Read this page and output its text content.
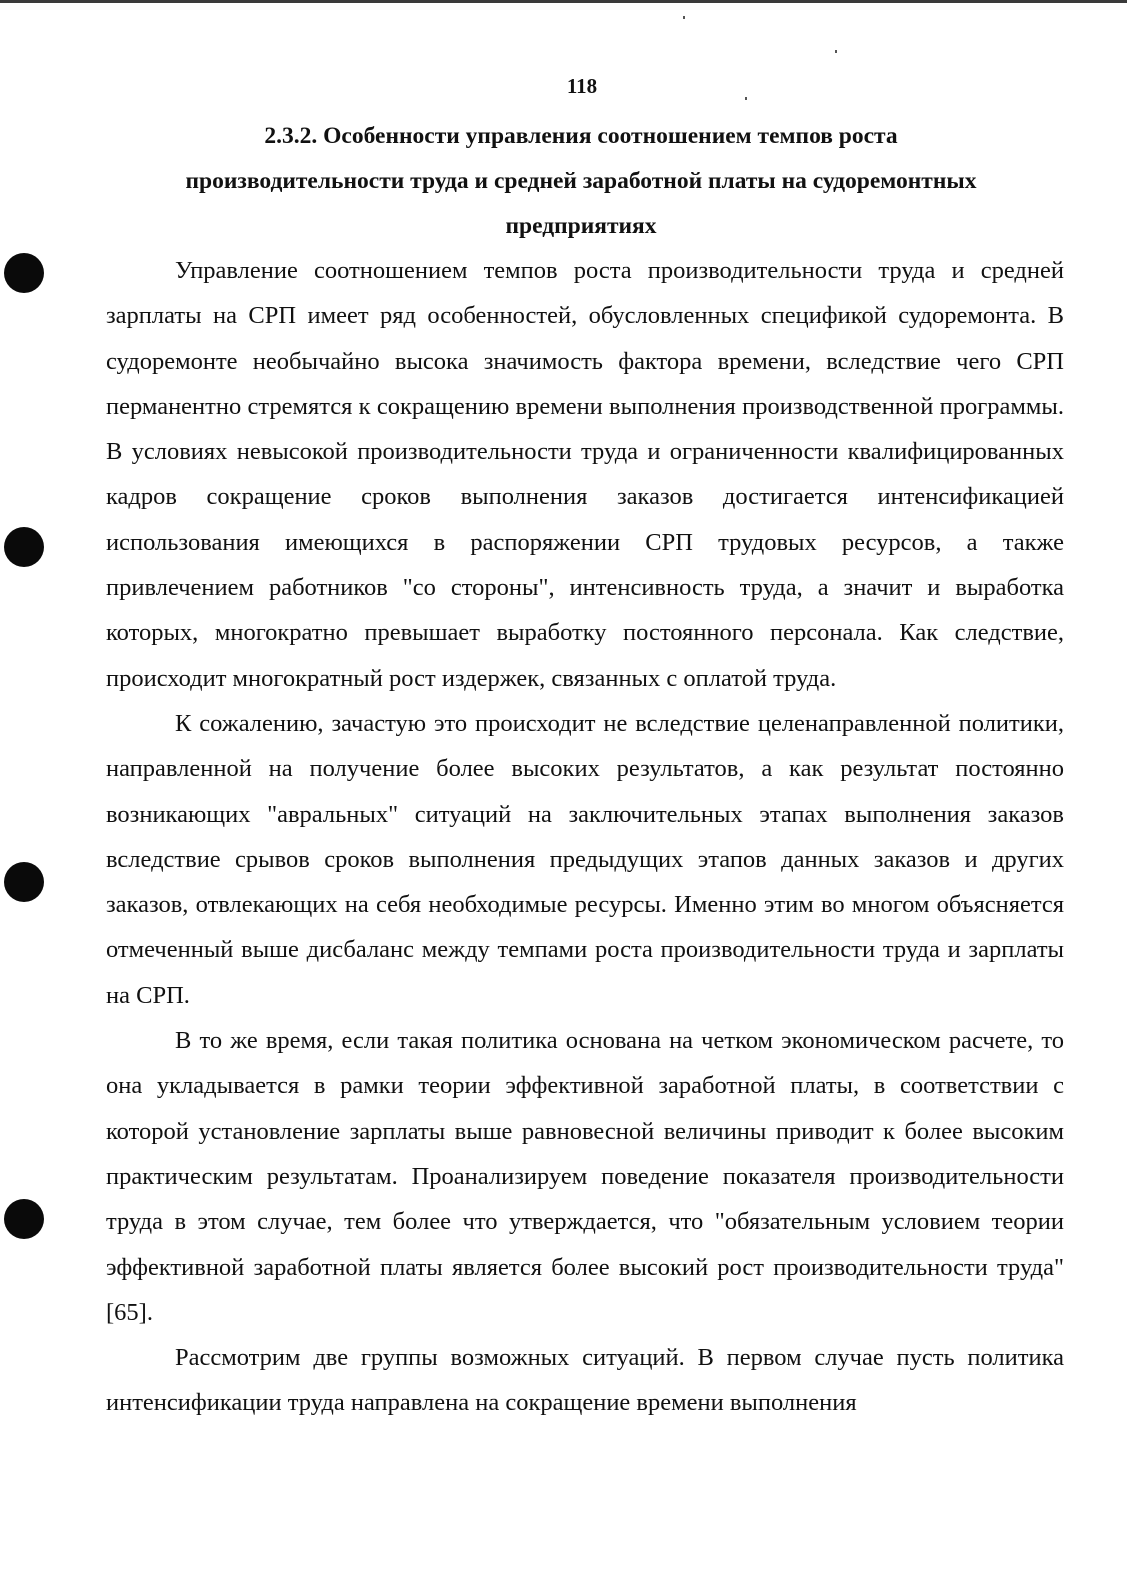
118
2.3.2. Особенности управления соотношением темпов роста
производительности труда и средней заработной платы на судоремонтных
предприятиях

Управление соотношением темпов роста производительности труда и средней зарплаты на СРП имеет ряд особенностей, обусловленных спецификой судоремонта. В судоремонте необычайно высока значимость фактора времени, вследствие чего СРП перманентно стремятся к сокращению времени выполнения производственной программы. В условиях невысокой производительности труда и ограниченности квалифицированных кадров сокращение сроков выполнения заказов достигается интенсификацией использования имеющихся в распоряжении СРП трудовых ресурсов, а также привлечением работников "со стороны", интенсивность труда, а значит и выработка которых, многократно превышает выработку постоянного персонала. Как следствие, происходит многократный рост издержек, связанных с оплатой труда.

К сожалению, зачастую это происходит не вследствие целенаправленной политики, направленной на получение более высоких результатов, а как результат постоянно возникающих "авральных" ситуаций на заключительных этапах выполнения заказов вследствие срывов сроков выполнения предыдущих этапов данных заказов и других заказов, отвлекающих на себя необходимые ресурсы. Именно этим во многом объясняется отмеченный выше дисбаланс между темпами роста производительности труда и зарплаты на СРП.

В то же время, если такая политика основана на четком экономическом расчете, то она укладывается в рамки теории эффективной заработной платы, в соответствии с которой установление зарплаты выше равновесной величины приводит к более высоким практическим результатам. Проанализируем поведение показателя производительности труда в этом случае, тем более что утверждается, что "обязательным условием теории эффективной заработной платы является более высокий рост производительности труда" [65].

Рассмотрим две группы возможных ситуаций. В первом случае пусть политика интенсификации труда направлена на сокращение времени выполнения
